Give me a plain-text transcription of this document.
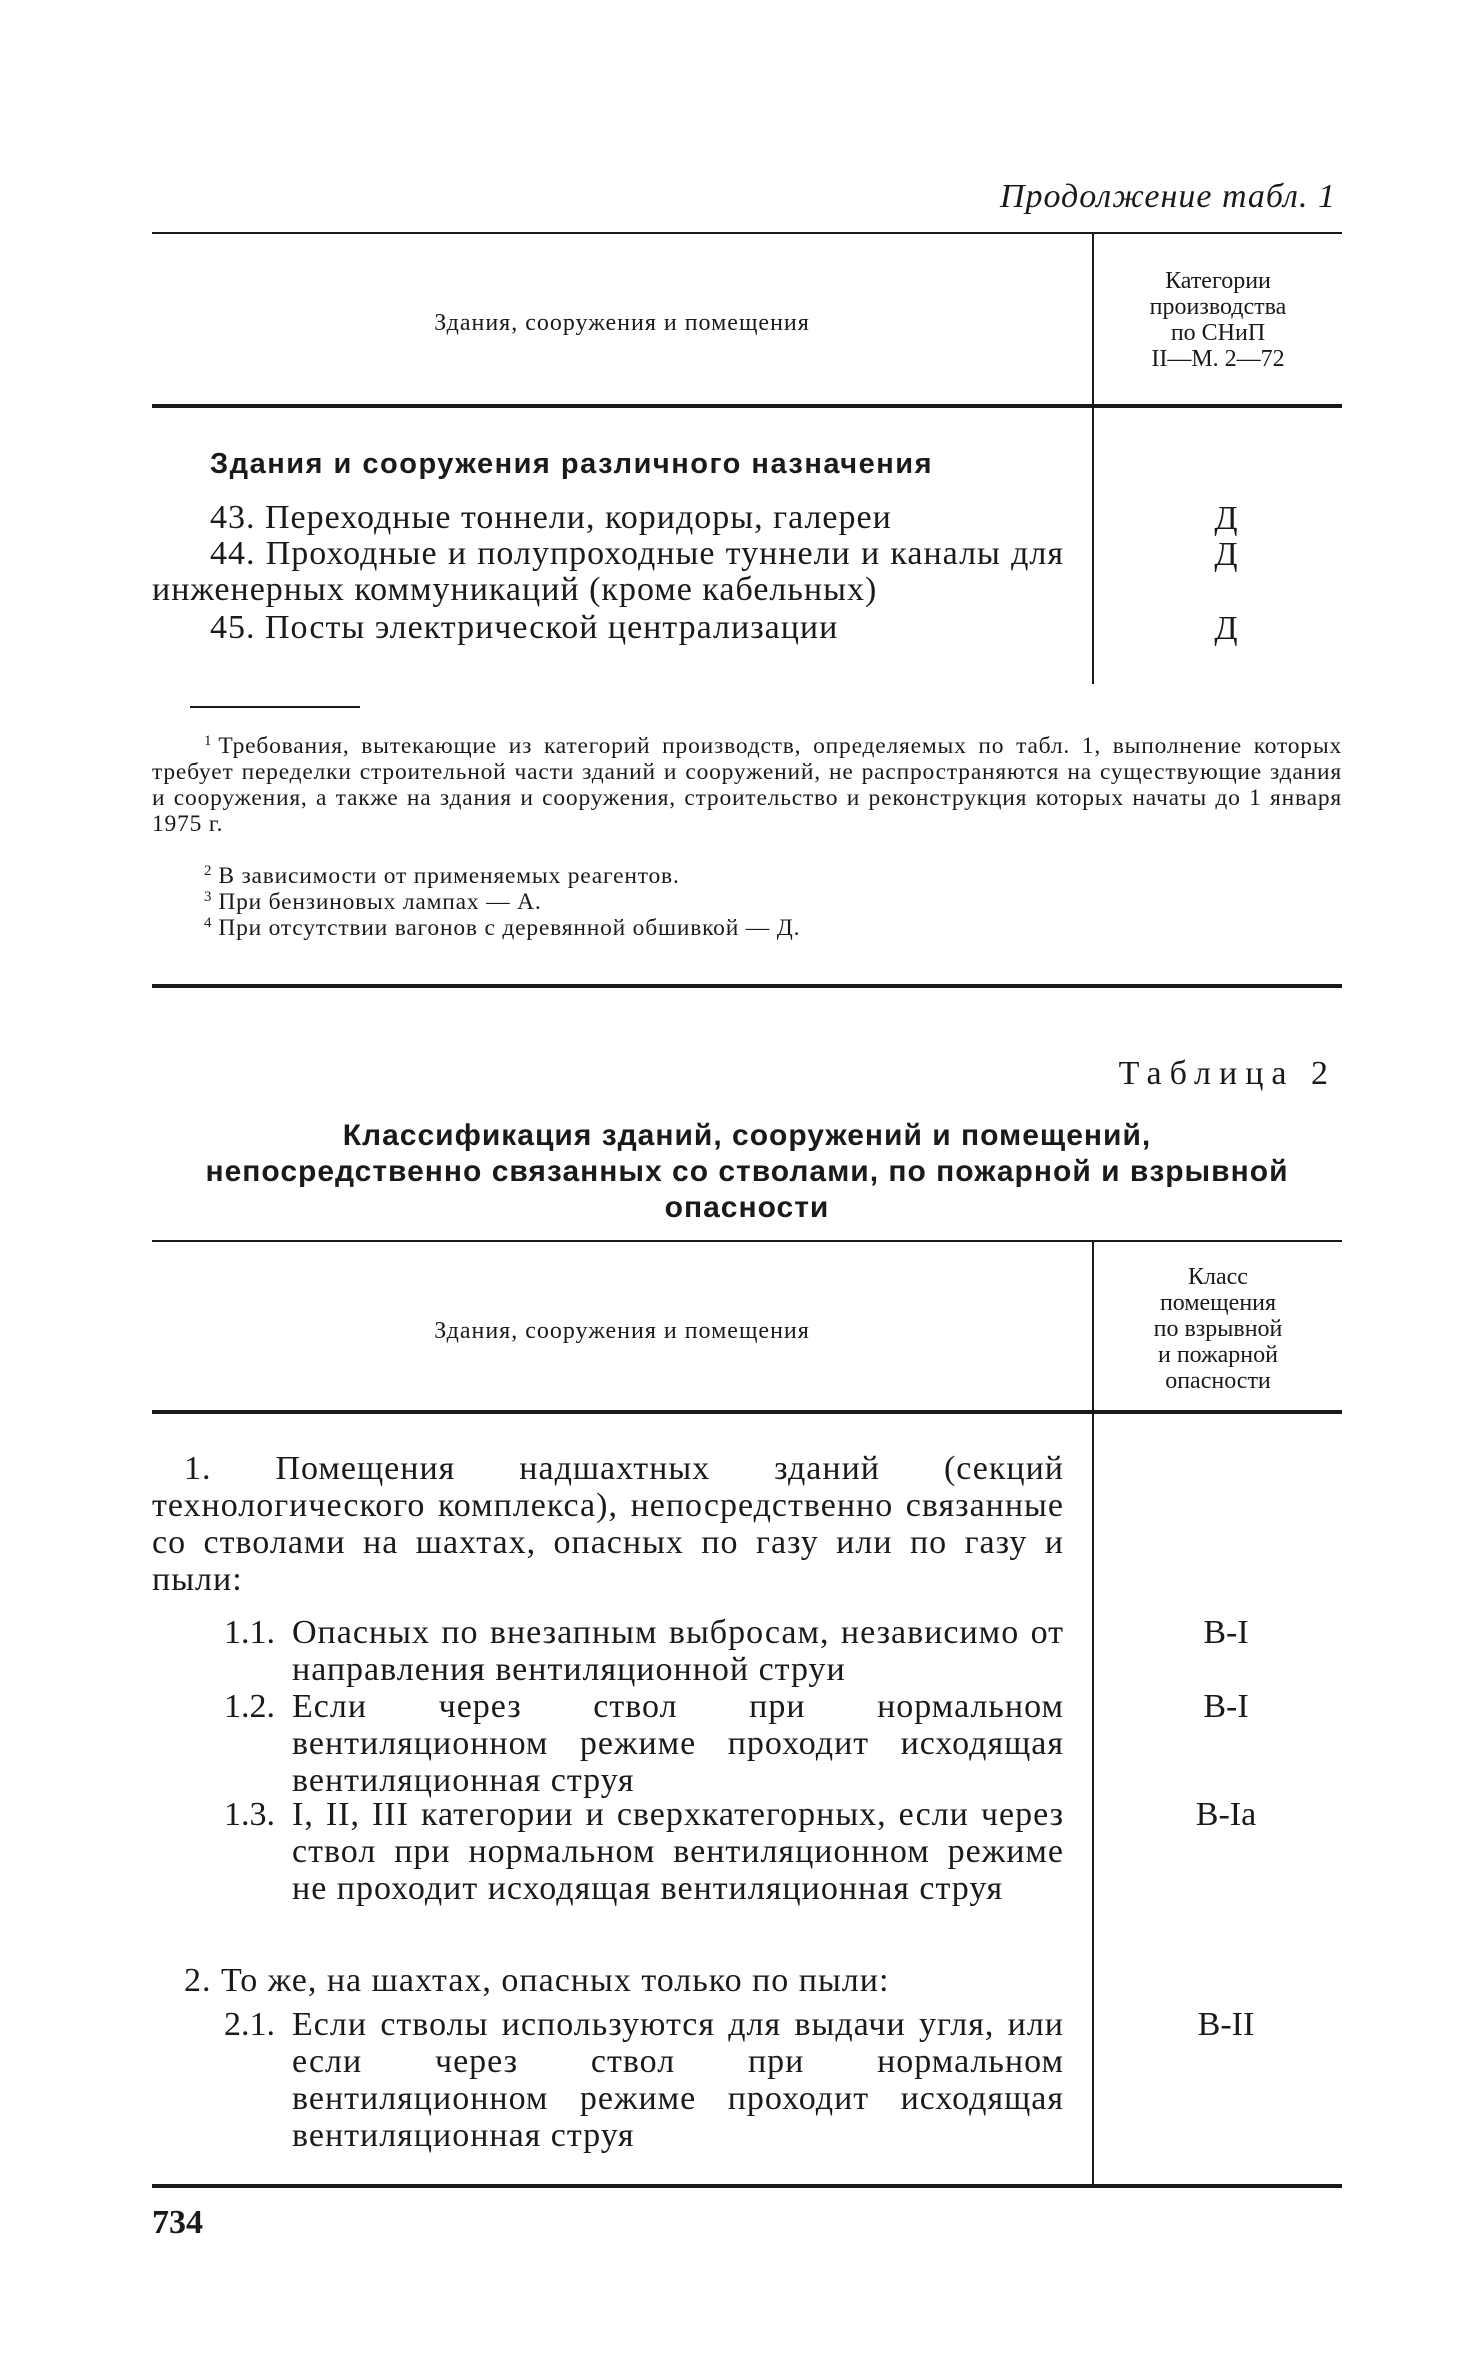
Продолжение табл. 1
Здания, сооружения и помещения
Категории
производства
по СНиП
II—М. 2—72
Здания и сооружения различного назначения
43. Переходные тоннели, коридоры, галереи	Д
44. Проходные и полупроходные туннели и каналы для инженерных коммуникаций (кроме кабельных)
Д
45. Посты электрической централизации	Д
$^1$ Требования, вытекающие из категорий производств, определяемых по табл. 1, выполнение которых требует переделки строительной части зданий и сооружений, не распространяются на существующие здания и сооружения, а также на здания и сооружения, строительство и реконструкция которых начаты до 1 января 1975 г.
$^2$ В зависимости от применяемых реагентов.
$^3$ При бензиновых лампах — А.
$^4$ При отсутствии вагонов с деревянной обшивкой — Д.
Таблица 2
Классификация зданий, сооружений и помещений,
непосредственно связанных со стволами, по пожарной и взрывной
опасности
Здания, сооружения и помещения
Класс
помещения
по взрывной
и пожарной
опасности
1. Помещения надшахтных зданий (секций технологического комплекса), непосредственно связанные со стволами на шахтах, опасных по газу или по газу и пыли:
1.1. Опасных по внезапным выбросам, независимо от направления вентиляционной струи
В-I
1.2. Если через ствол при нормальном вентиляционном режиме проходит исходящая вентиляционная струя
В-I
1.3. I, II, III категории и сверхкатегорных, если через ствол при нормальном вентиляционном режиме не проходит исходящая вентиляционная струя
В-Iа
2. То же, на шахтах, опасных только по пыли:
2.1. Если стволы используются для выдачи угля, или если через ствол при нормальном вентиляционном режиме проходит исходящая вентиляционная струя
В-II
734
